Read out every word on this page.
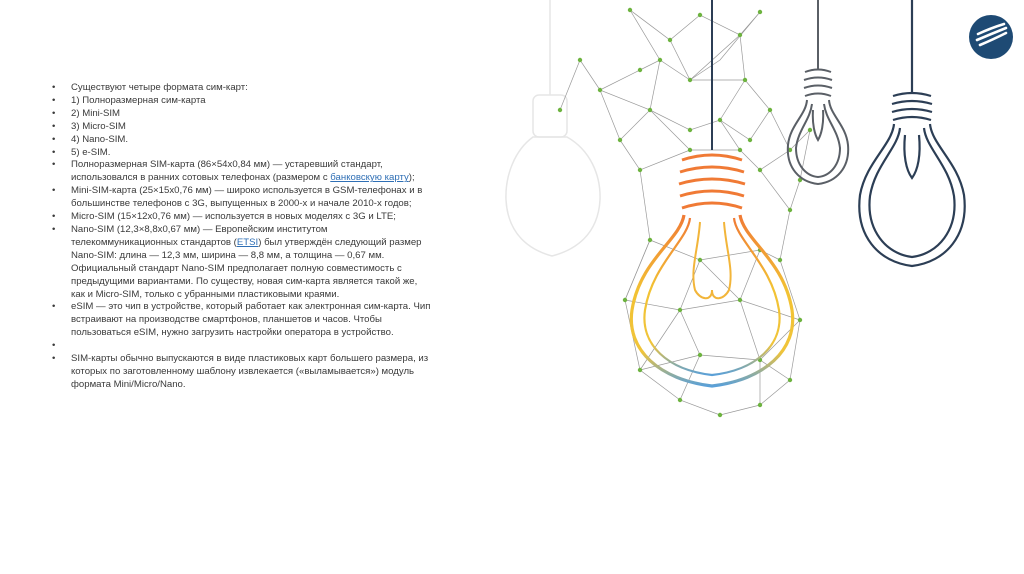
• Существуют четыре формата сим-карт:
• 1) Полноразмерная сим-карта
• 2) Mini-SIM
• 3) Micro-SIM
• 4) Nano-SIM.
• 5) e-SIM.
• Полноразмерная SIM-карта (86×54x0,84 мм) — устаревший стандарт, использовался в ранних сотовых телефонах (размером с банковскую карту);
• Mini-SIM-карта (25×15x0,76 мм) — широко используется в GSM-телефонах и в большинстве телефонов с 3G, выпущенных в 2000-х и начале 2010-х годов;
• Micro-SIM (15×12x0,76 мм) — используется в новых моделях с 3G и LTE;
• Nano-SIM (12,3×8,8x0,67 мм) — Европейским институтом телекоммуникационных стандартов (ETSI) был утверждён следующий размер Nano-SIM: длина — 12,3 мм, ширина — 8,8 мм, а толщина — 0,67 мм. Официальный стандарт Nano-SIM предполагает полную совместимость с предыдущими вариантами. По существу, новая сим-карта является такой же, как и Micro-SIM, только с убранными пластиковыми краями.
• eSIM — это чип в устройстве, который работает как электронная сим-карта. Чип встраивают на производстве смартфонов, планшетов и часов. Чтобы пользоваться eSIM, нужно загрузить настройки оператора в устройство.
•
• SIM-карты обычно выпускаются в виде пластиковых карт большего размера, из которых по заготовленному шаблону извлекается («выламывается») модуль формата Mini/Micro/Nano.
